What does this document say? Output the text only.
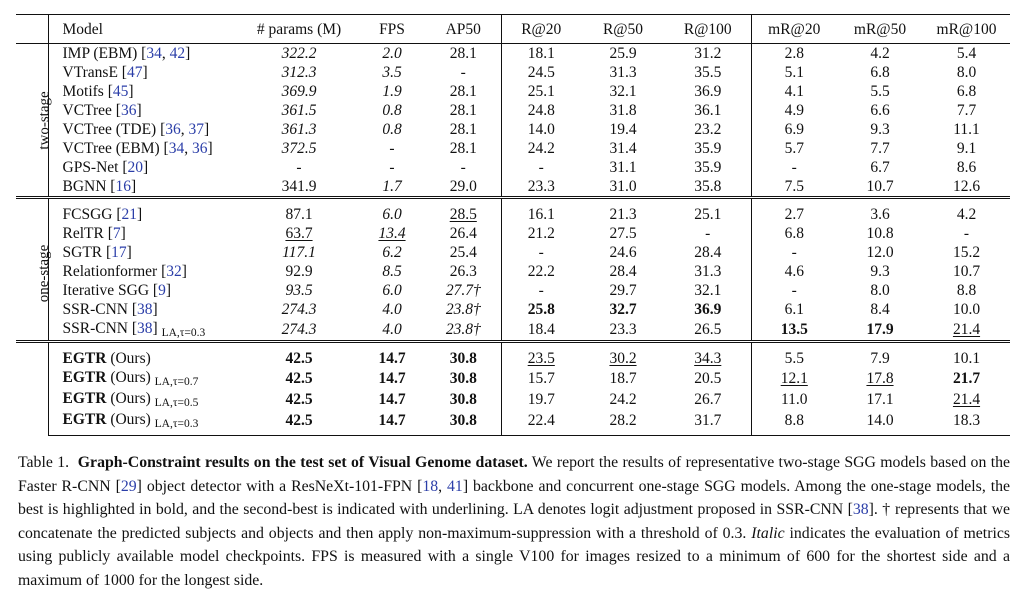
	Model	# params (M)	FPS	AP50	R@20	R@50	R@100	mR@20	mR@50	mR@100
two-stage	IMP (EBM) [34, 42]	322.2	2.0	28.1	18.1	25.9	31.2	2.8	4.2	5.4
	VTransE [47]	312.3	3.5	-	24.5	31.3	35.5	5.1	6.8	8.0
	Motifs [45]	369.9	1.9	28.1	25.1	32.1	36.9	4.1	5.5	6.8
	VCTree [36]	361.5	0.8	28.1	24.8	31.8	36.1	4.9	6.6	7.7
	VCTree (TDE) [36, 37]	361.3	0.8	28.1	14.0	19.4	23.2	6.9	9.3	11.1
	VCTree (EBM) [34, 36]	372.5	-	28.1	24.2	31.4	35.9	5.7	7.7	9.1
	GPS-Net [20]	-	-	-	-	31.1	35.9	-	6.7	8.6
	BGNN [16]	341.9	1.7	29.0	23.3	31.0	35.8	7.5	10.7	12.6
one-stage	FCSGG [21]	87.1	6.0	28.5	16.1	21.3	25.1	2.7	3.6	4.2
	RelTR [7]	63.7	13.4	26.4	21.2	27.5	-	6.8	10.8	-
	SGTR [17]	117.1	6.2	25.4	-	24.6	28.4	-	12.0	15.2
	Relationformer [32]	92.9	8.5	26.3	22.2	28.4	31.3	4.6	9.3	10.7
	Iterative SGG [9]	93.5	6.0	27.7†	-	29.7	32.1	-	8.0	8.8
	SSR-CNN [38]	274.3	4.0	23.8†	25.8	32.7	36.9	6.1	8.4	10.0
	SSR-CNN [38] LA,τ=0.3	274.3	4.0	23.8†	18.4	23.3	26.5	13.5	17.9	21.4
	EGTR (Ours)	42.5	14.7	30.8	23.5	30.2	34.3	5.5	7.9	10.1
	EGTR (Ours) LA,τ=0.7	42.5	14.7	30.8	15.7	18.7	20.5	12.1	17.8	21.7
	EGTR (Ours) LA,τ=0.5	42.5	14.7	30.8	19.7	24.2	26.7	11.0	17.1	21.4
	EGTR (Ours) LA,τ=0.3	42.5	14.7	30.8	22.4	28.2	31.7	8.8	14.0	18.3

Table 1. Graph-Constraint results on the test set of Visual Genome dataset. We report the results of representative two-stage SGG models based on the Faster R-CNN [29] object detector with a ResNeXt-101-FPN [18, 41] backbone and concurrent one-stage SGG models. Among the one-stage models, the best is highlighted in bold, and the second-best is indicated with underlining. LA denotes logit adjustment proposed in SSR-CNN [38]. † represents that we concatenate the predicted subjects and objects and then apply non-maximum-suppression with a threshold of 0.3. Italic indicates the evaluation of metrics using publicly available model checkpoints. FPS is measured with a single V100 for images resized to a minimum of 600 for the shortest side and a maximum of 1000 for the longest side.
